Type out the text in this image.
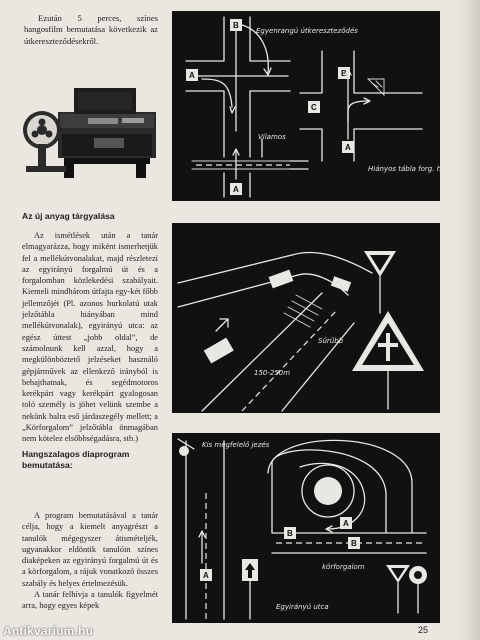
Ezután 5 perces, színes hangosfilm bemutatása következik az útkereszteződésekről.
B
A
A
C
B
A
Egyenrangú útkereszteződés
Vilamos
Hiányos tábla forg. helyzet
150-250m
Sűrűbb
A
B
B
A
Kis megfelelő jezés
körforgalom
Egyirányú utca
Az új anyag tárgyalása

Az ismétlések után a tanár elmagyarázza, hogy miként ismerhetjük fel a mellékútvonalakat, majd részletezi az egyirányú forgalmú út és a forgalomban közlekedési szabályait. Kiemeli mindhárom útfajta egy-két főbb jellemzőjét (Pl. azonos burkolatú utak jelzőtábla hiányában mind mellékútvonalak), egyirányú utca: az egész úttest „jobb oldal”, de számolnunk kell azzal, hogy a megkülönböztető jelzéseket használó gépjárművek az ellenkező irányból is behajthatnak, és segédmotoros kerékpárt vagy kerékpárt gyalogosan toló személy is jöhet velünk szembe a nekünk balra eső járdaszegély mellett; a „Körforgalom” jelzőtábla önmagában nem kötelez elsőbbségadásra, stb.)

Hangszalagos diaprogram bemutatása:

A program bemutatásával a tanár célja, hogy a kiemelt anyagrészt a tanulók mégegyszer átismételjék, ugyanakkor eldöntik tanulóin színes diaképeken az egyirányú forgalmú út és a körforgalom, a rájuk vonatkozó összes szabály és helyes értelmezésük.

A tanár felhívja a tanulók figyelmét arra, hogy egyes képek

25
Antikvarium.hu
